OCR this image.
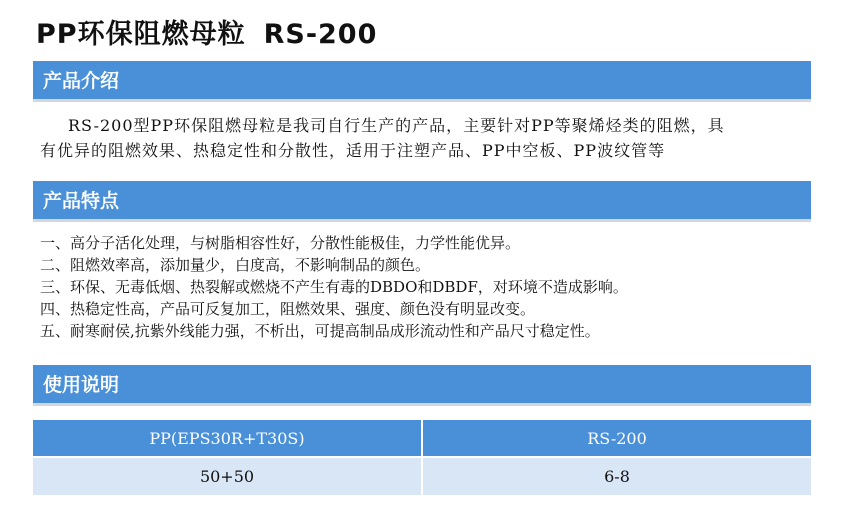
PP环保阻燃母粒 RS-200
产品介绍
RS-200型PP环保阻燃母粒是我司自行生产的产品，主要针对PP等聚烯烃类的阻燃，具
有优异的阻燃效果、热稳定性和分散性，适用于注塑产品、PP中空板、PP波纹管等
产品特点
一、高分子活化处理，与树脂相容性好，分散性能极佳，力学性能优异。
二、阻燃效率高，添加量少，白度高，不影响制品的颜色。
三、环保、无毒低烟、热裂解或燃烧不产生有毒的DBDO和DBDF，对环境不造成影响。
四、热稳定性高，产品可反复加工，阻燃效果、强度、颜色没有明显改变。
五、耐寒耐侯,抗紫外线能力强，不析出，可提高制品成形流动性和产品尺寸稳定性。
使用说明
PP(EPS30R+T30S)	RS-200
50+50	6-8
